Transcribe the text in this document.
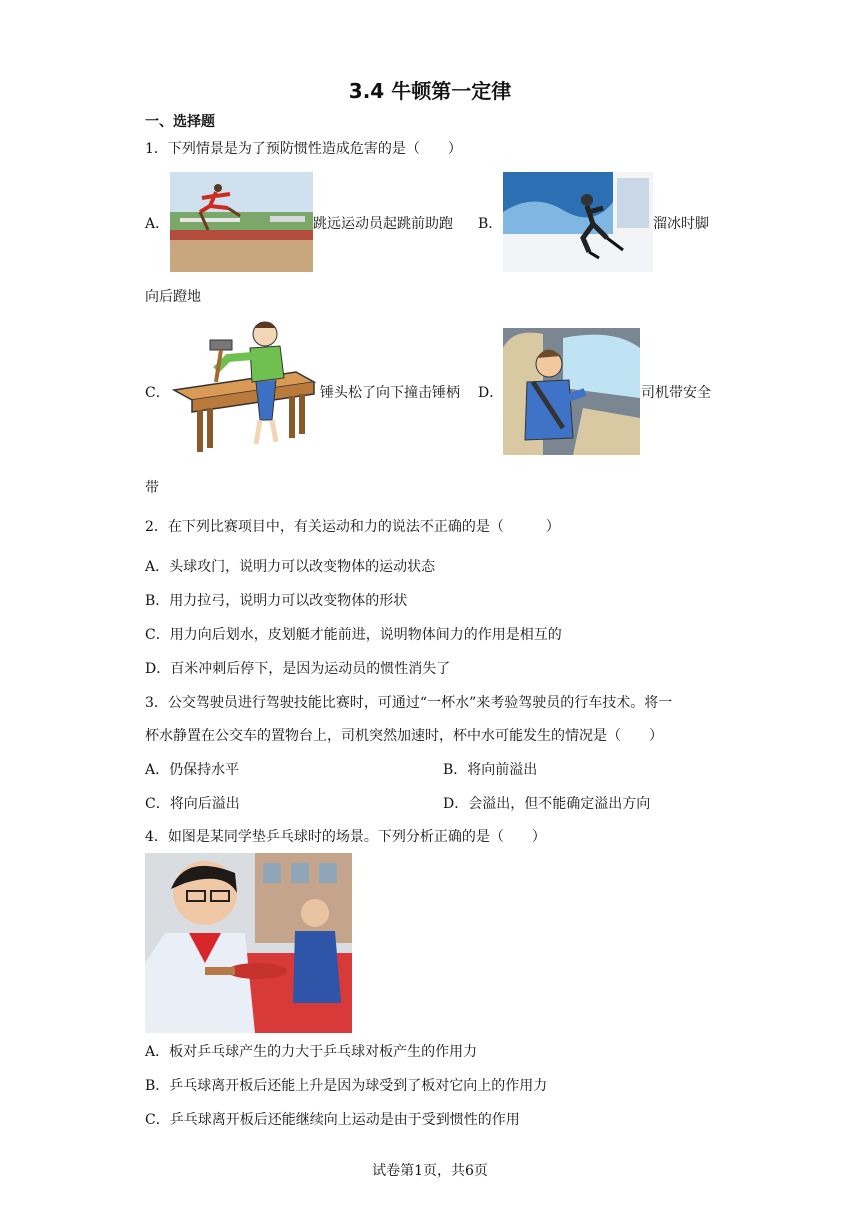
3.4 牛顿第一定律
一、选择题
1．下列情景是为了预防惯性造成危害的是（　　）
A．	跳远运动员起跳前助跑 B．	溜冰时脚
向后蹬地
C．	锤头松了向下撞击锤柄 D．	司机带安全
带
2．在下列比赛项目中，有关运动和力的说法不正确的是（　　　）
A．头球攻门，说明力可以改变物体的运动状态
B．用力拉弓，说明力可以改变物体的形状
C．用力向后划水，皮划艇才能前进，说明物体间力的作用是相互的
D．百米冲刺后停下，是因为运动员的惯性消失了
3．公交驾驶员进行驾驶技能比赛时，可通过“一杯水”来考验驾驶员的行车技术。将一
杯水静置在公交车的置物台上，司机突然加速时，杯中水可能发生的情况是（　　）
A．仍保持水平	B．将向前溢出
C．将向后溢出	D．会溢出，但不能确定溢出方向
4．如图是某同学垫乒乓球时的场景。下列分析正确的是（　　）
A．板对乒乓球产生的力大于乒乓球对板产生的作用力
B．乒乓球离开板后还能上升是因为球受到了板对它向上的作用力
C．乒乓球离开板后还能继续向上运动是由于受到惯性的作用
试卷第1页，共6页
